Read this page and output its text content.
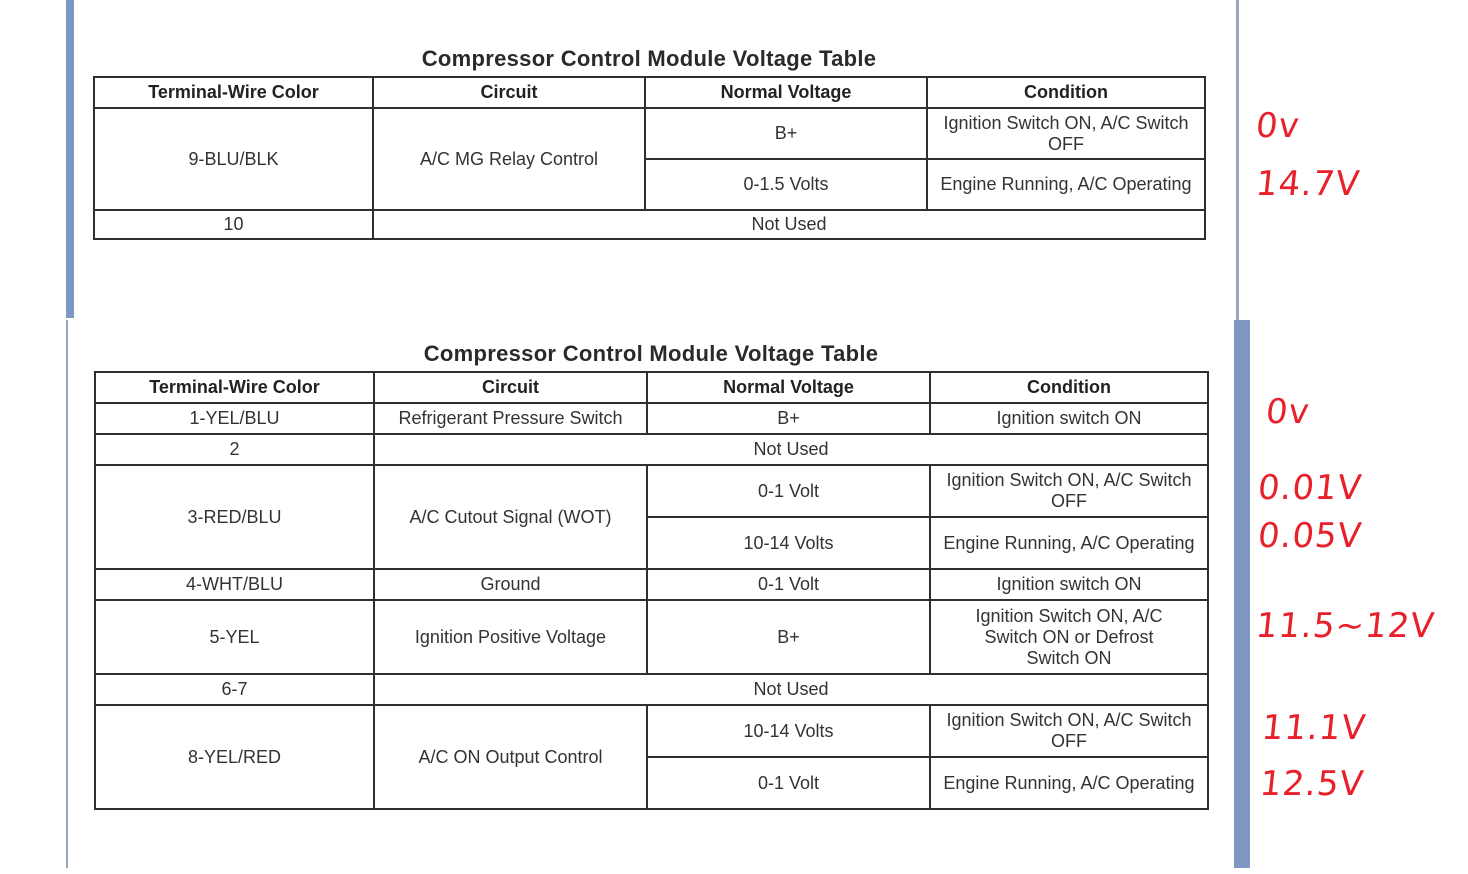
Compressor Control Module Voltage Table
Terminal-Wire Color	Circuit	Normal Voltage	Condition
9-BLU/BLK	A/C MG Relay Control	B+	Ignition Switch ON, A/C Switch OFF
		0-1.5 Volts	Engine Running, A/C Operating
10	Not Used		
Compressor Control Module Voltage Table
Terminal-Wire Color	Circuit	Normal Voltage	Condition
1-YEL/BLU	Refrigerant Pressure Switch	B+	Ignition switch ON
2	Not Used		
3-RED/BLU	A/C Cutout Signal (WOT)	0-1 Volt	Ignition Switch ON, A/C Switch OFF
		10-14 Volts	Engine Running, A/C Operating
4-WHT/BLU	Ground	0-1 Volt	Ignition switch ON
5-YEL	Ignition Positive Voltage	B+	Ignition Switch ON, A/C Switch ON or Defrost Switch ON
6-7	Not Used		
8-YEL/RED	A/C ON Output Control	10-14 Volts	Ignition Switch ON, A/C Switch OFF
		0-1 Volt	Engine Running, A/C Operating
0v
14.7V
0v
0.01V
0.05V
11.5~12V
11.1V
12.5V
